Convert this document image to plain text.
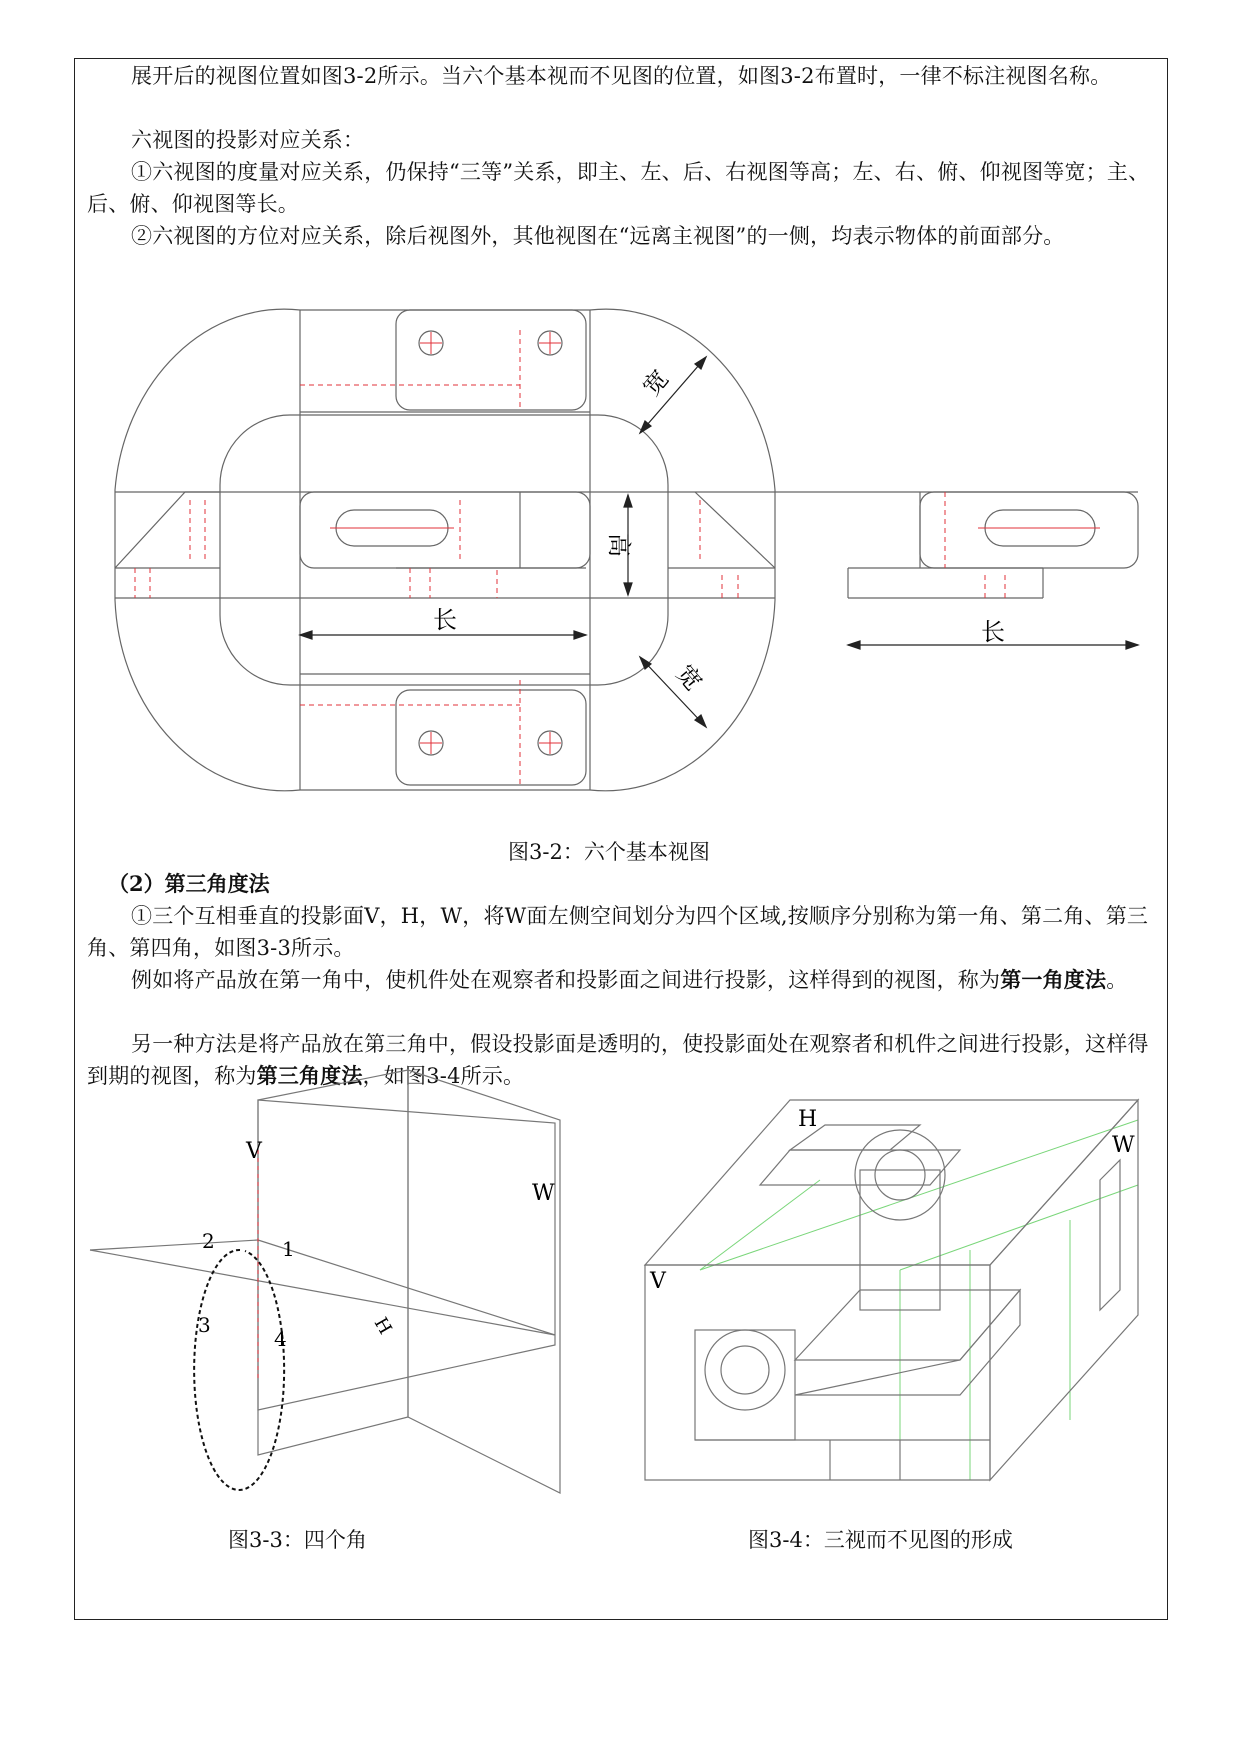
展开后的视图位置如图3-2所示。当六个基本视而不见图的位置，如图3-2布置时，一律不标注视图名称。

六视图的投影对应关系：

①六视图的度量对应关系，仍保持“三等”关系，即主、左、后、右视图等高；左、右、俯、仰视图等宽；主、后、俯、仰视图等长。

②六视图的方位对应关系，除后视图外，其他视图在“远离主视图”的一侧，均表示物体的前面部分。

长	长
高
宽
宽

图3-2：六个基本视图

（2）第三角度法

①三个互相垂直的投影面V，H，W，将W面左侧空间划分为四个区域,按顺序分别称为第一角、第二角、第三角、第四角，如图3-3所示。

例如将产品放在第一角中，使机件处在观察者和投影面之间进行投影，这样得到的视图，称为第一角度法。

另一种方法是将产品放在第三角中，假设投影面是透明的，使投影面处在观察者和机件之间进行投影，这样得到期的视图，称为第三角度法，如图3-4所示。

V
W
H
1
2
3
4
H
W
V

图3-3：四个角	图3-4：三视而不见图的形成
